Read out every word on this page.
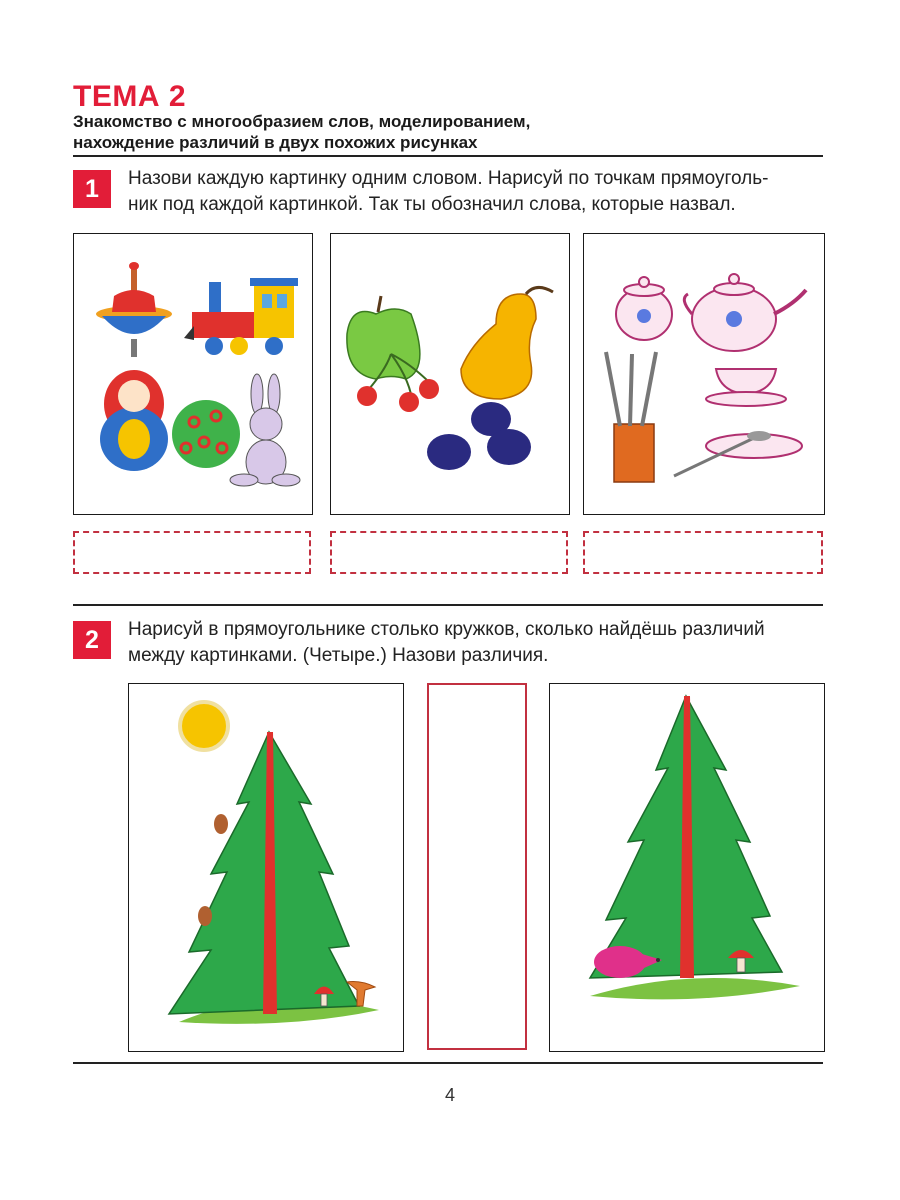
ТЕМА 2
Знакомство с многообразием слов, моделированием,
нахождение различий в двух похожих рисунках
1	Назови каждую картинку одним словом. Нарисуй по точкам прямоуголь-
ник под каждой картинкой. Так ты обозначил слова, которые назвал.
2	Нарисуй в прямоугольнике столько кружков, сколько найдёшь различий
между картинками. (Четыре.) Назови различия.
4
